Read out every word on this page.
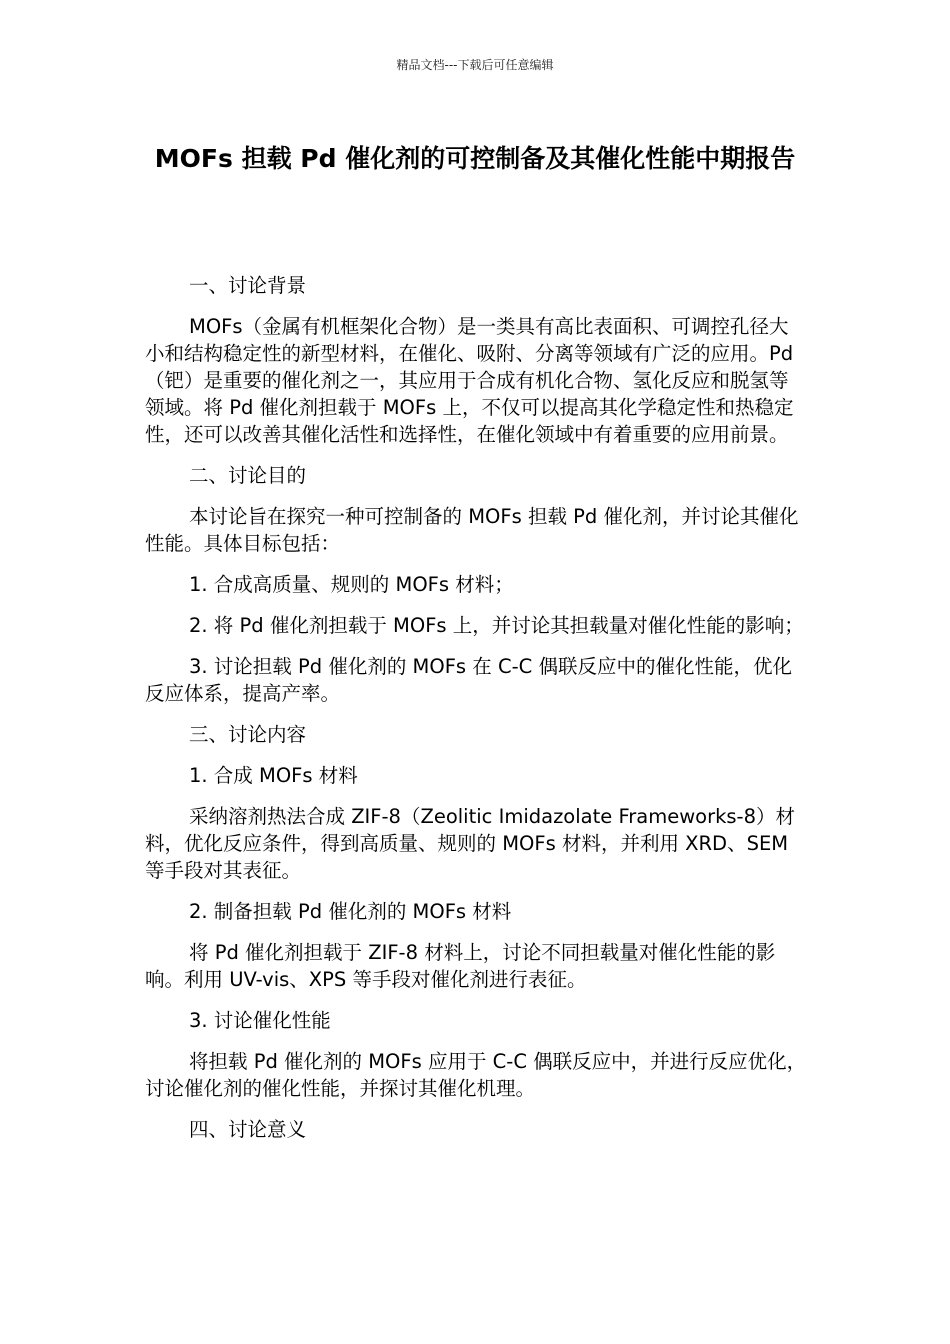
精品文档---下载后可任意编辑
MOFs 担载 Pd 催化剂的可控制备及其催化性能中期报告

一、讨论背景

MOFs（金属有机框架化合物）是一类具有高比表面积、可调控孔径大小和结构稳定性的新型材料，在催化、吸附、分离等领域有广泛的应用。Pd（钯）是重要的催化剂之一，其应用于合成有机化合物、氢化反应和脱氢等领域。将 Pd 催化剂担载于 MOFs 上，不仅可以提高其化学稳定性和热稳定性，还可以改善其催化活性和选择性，在催化领域中有着重要的应用前景。

二、讨论目的

本讨论旨在探究一种可控制备的 MOFs 担载 Pd 催化剂，并讨论其催化性能。具体目标包括：

1. 合成高质量、规则的 MOFs 材料；

2. 将 Pd 催化剂担载于 MOFs 上，并讨论其担载量对催化性能的影响；

3. 讨论担载 Pd 催化剂的 MOFs 在 C-C 偶联反应中的催化性能，优化反应体系，提高产率。

三、讨论内容

1. 合成 MOFs 材料

采纳溶剂热法合成 ZIF-8（Zeolitic Imidazolate Frameworks-8）材料，优化反应条件，得到高质量、规则的 MOFs 材料，并利用 XRD、SEM 等手段对其表征。

2. 制备担载 Pd 催化剂的 MOFs 材料

将 Pd 催化剂担载于 ZIF-8 材料上，讨论不同担载量对催化性能的影响。利用 UV-vis、XPS 等手段对催化剂进行表征。

3. 讨论催化性能

将担载 Pd 催化剂的 MOFs 应用于 C-C 偶联反应中，并进行反应优化，讨论催化剂的催化性能，并探讨其催化机理。

四、讨论意义
